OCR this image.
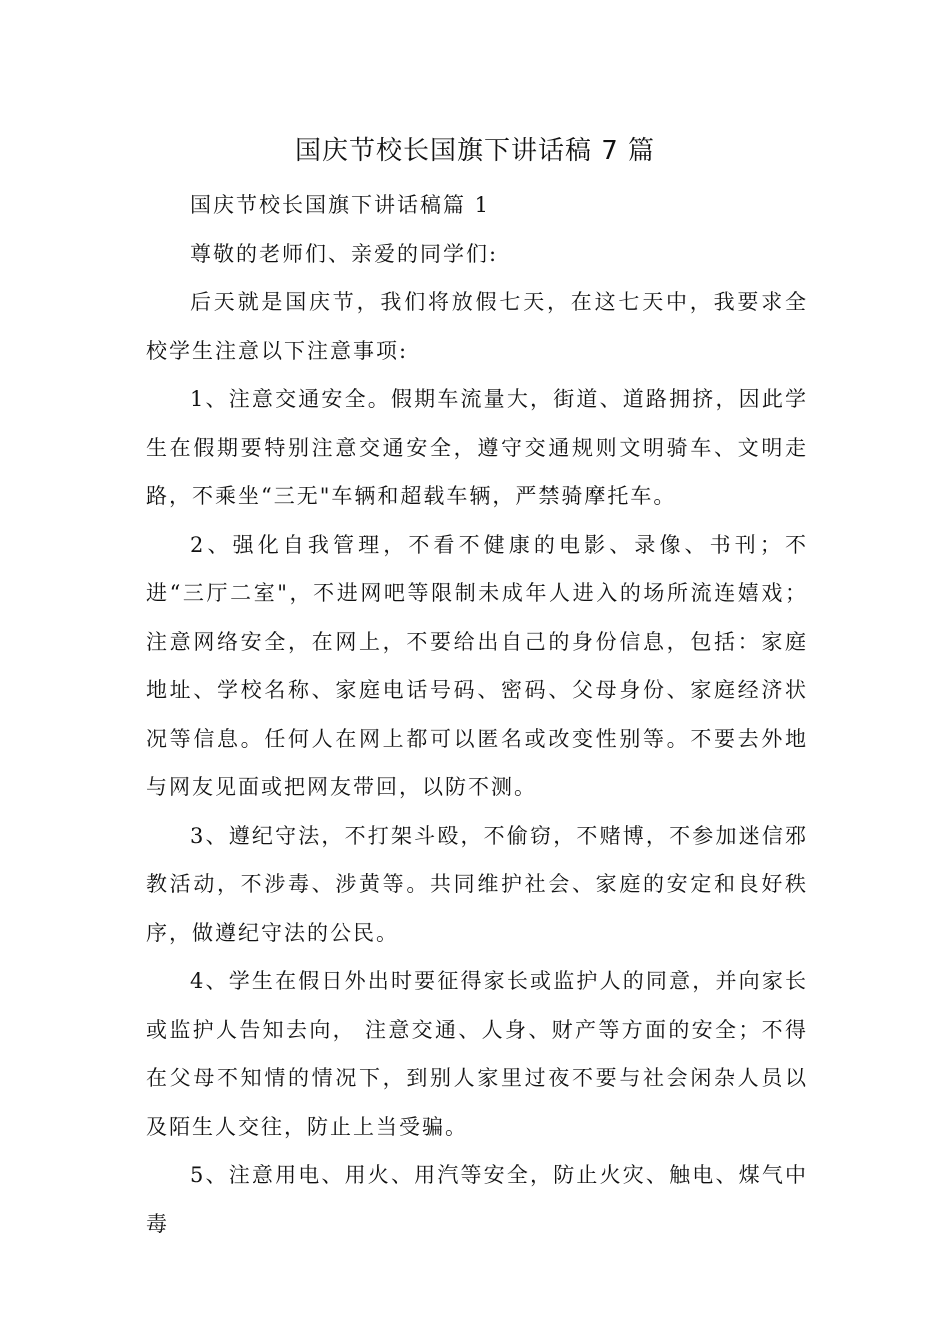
国庆节校长国旗下讲话稿 7 篇

国庆节校长国旗下讲话稿篇 1

尊敬的老师们、亲爱的同学们:

后天就是国庆节，我们将放假七天，在这七天中，我要求全校学生注意以下注意事项:

1、注意交通安全。假期车流量大，街道、道路拥挤，因此学生在假期要特别注意交通安全，遵守交通规则文明骑车、文明走路，不乘坐“三无"车辆和超载车辆，严禁骑摩托车。

2、强化自我管理，不看不健康的电影、录像、书刊；不进“三厅二室"，不进网吧等限制未成年人进入的场所流连嬉戏；注意网络安全，在网上，不要给出自己的身份信息，包括：家庭地址、学校名称、家庭电话号码、密码、父母身份、家庭经济状况等信息。任何人在网上都可以匿名或改变性别等。不要去外地与网友见面或把网友带回，以防不测。

3、遵纪守法，不打架斗殴，不偷窃，不赌博，不参加迷信邪教活动，不涉毒、涉黄等。共同维护社会、家庭的安定和良好秩序，做遵纪守法的公民。

4、学生在假日外出时要征得家长或监护人的同意，并向家长或监护人告知去向， 注意交通、人身、财产等方面的安全；不得在父母不知情的情况下，到别人家里过夜不要与社会闲杂人员以及陌生人交往，防止上当受骗。

5、注意用电、用火、用汽等安全，防止火灾、触电、煤气中毒
